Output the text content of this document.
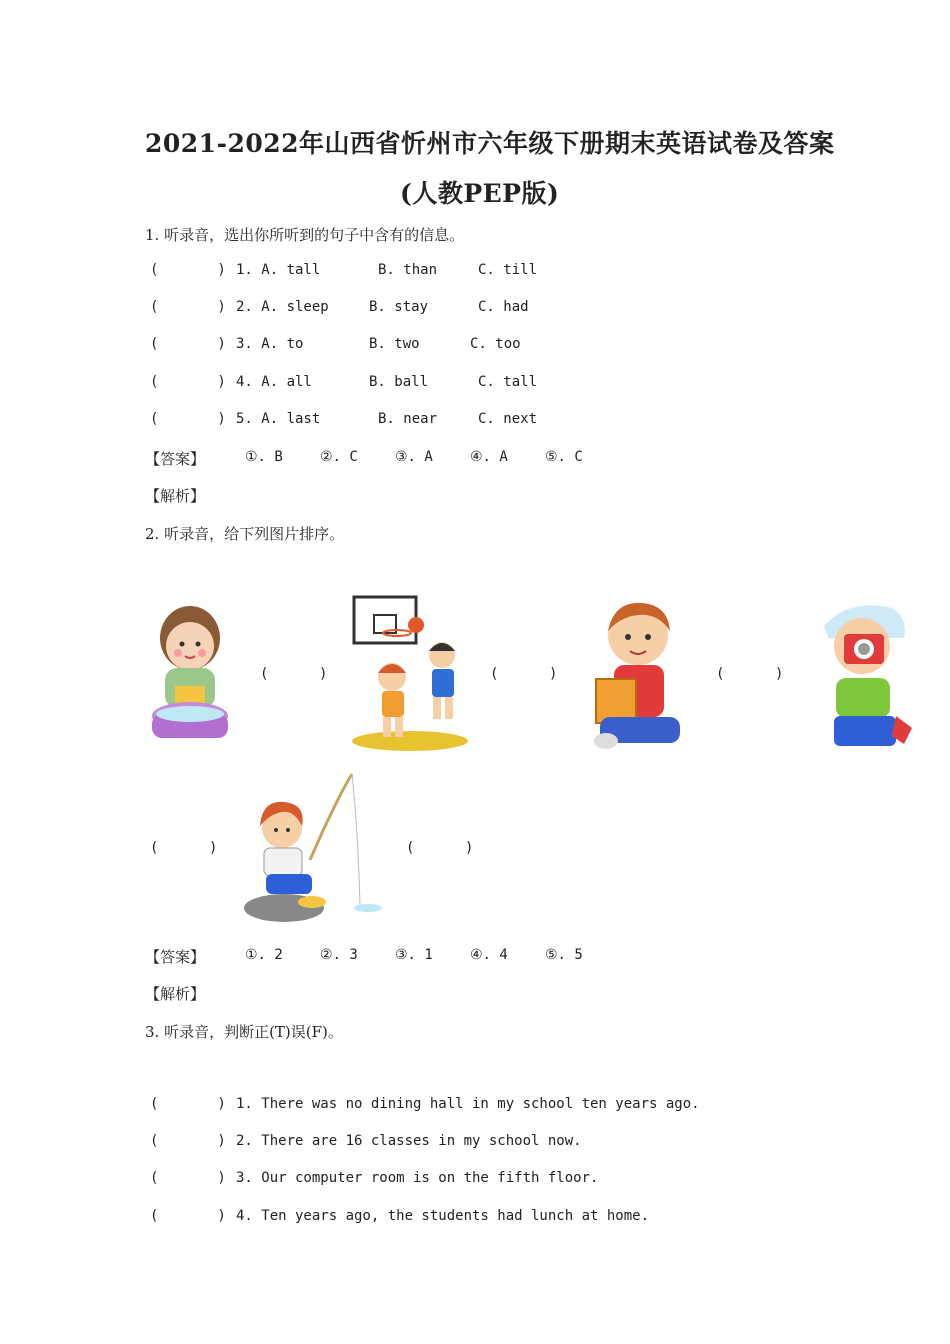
2021-2022年山西省忻州市六年级下册期末英语试卷及答案
(人教PEP版)
1. 听录音，选出你所听到的句子中含有的信息。
(       ) 1. A. tall	B. than	C. till
(       ) 2. A. sleep	B. stay	C. had
(       ) 3. A. to	B. two	C. too
(       ) 4. A. all	B. ball	C. tall
(       ) 5. A. last	B. near	C. next
【答案】	①. B	②. C	③. A	④. A	⑤. C
【解析】
2. 听录音，给下列图片排序。
(      )	(      )	(      )
(      )	(      )
【答案】	①. 2	②. 3	③. 1	④. 4	⑤. 5
【解析】
3. 听录音，判断正(T)误(F)。
(       ) 1. There was no dining hall in my school ten years ago.
(       ) 2. There are 16 classes in my school now.
(       ) 3. Our computer room is on the fifth floor.
(       ) 4. Ten years ago, the students had lunch at home.
